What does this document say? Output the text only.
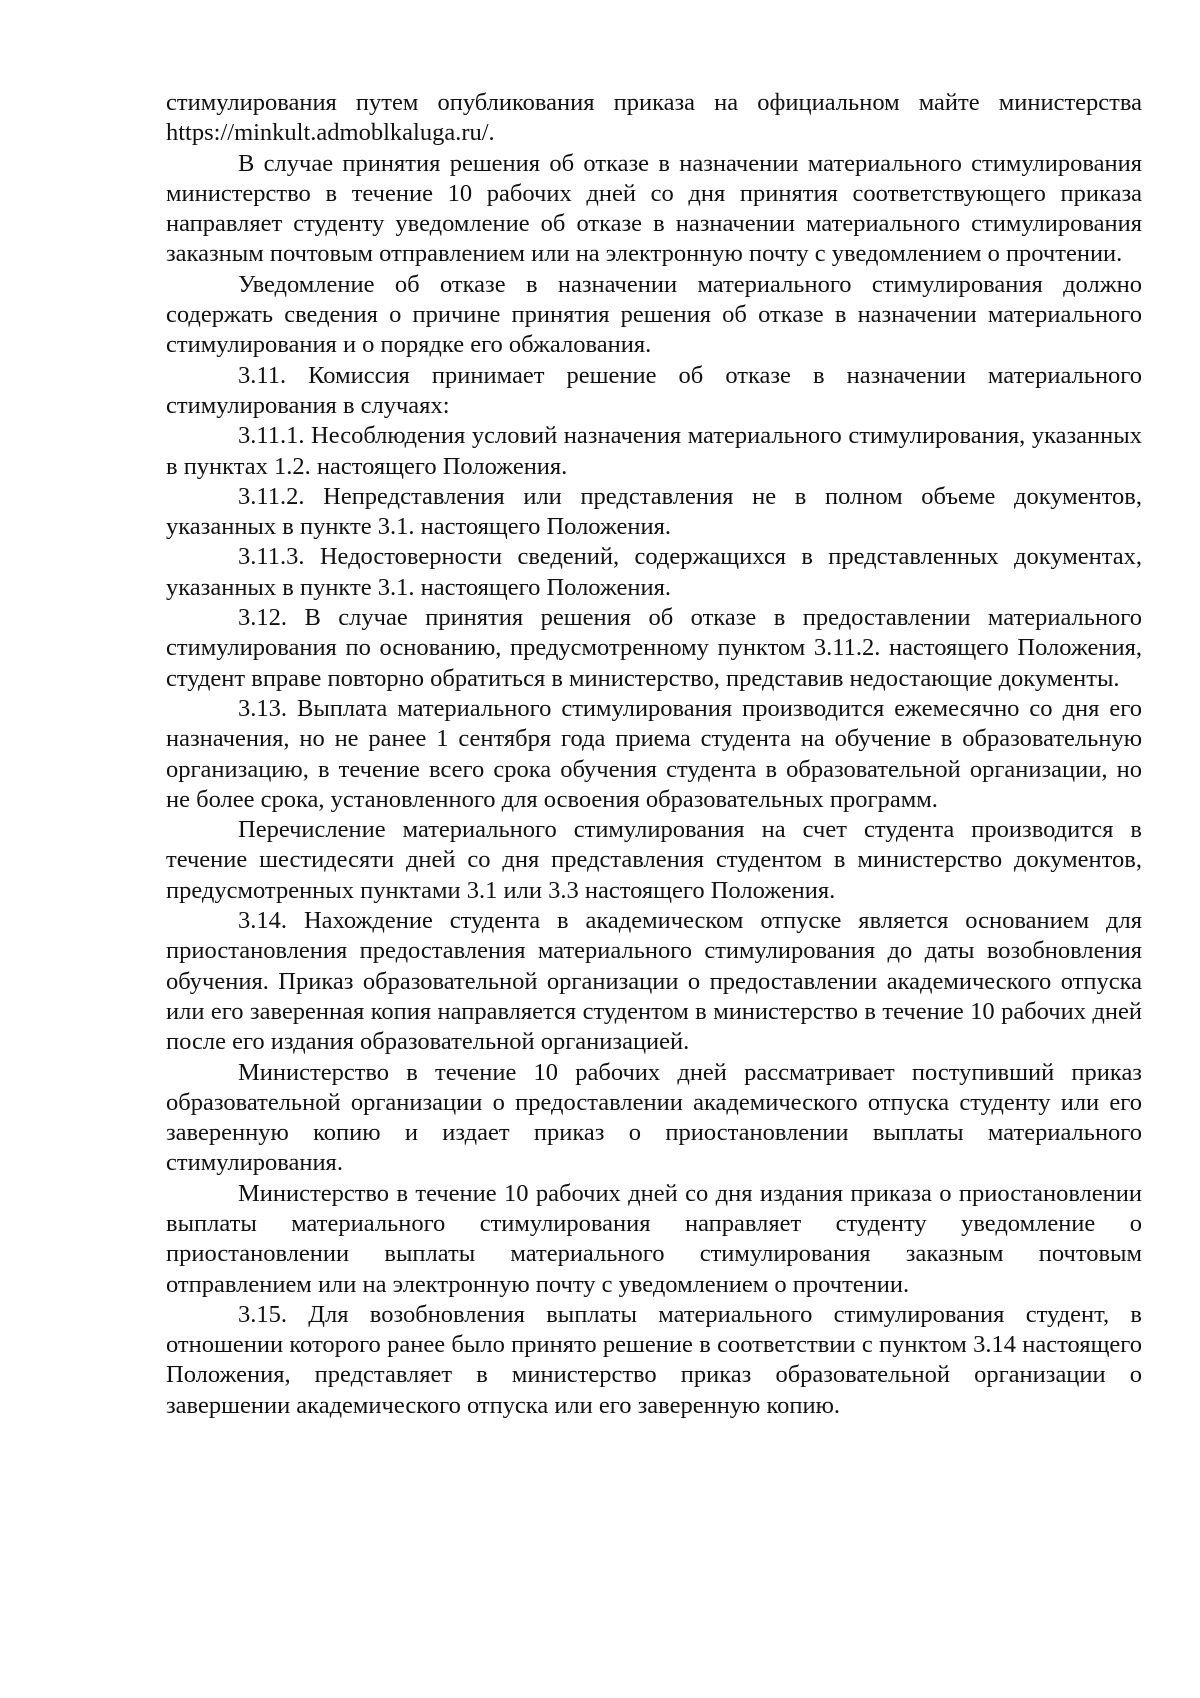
стимулирования путем опубликования приказа на официальном майте министерства https://minkult.admoblkaluga.ru/.

В случае принятия решения об отказе в назначении материального стимулирования министерство в течение 10 рабочих дней со дня принятия соответствующего приказа направляет студенту уведомление об отказе в назначении материального стимулирования заказным почтовым отправлением или на электронную почту с уведомлением о прочтении.

Уведомление об отказе в назначении материального стимулирования должно содержать сведения о причине принятия решения об отказе в назначении материального стимулирования и о порядке его обжалования.

3.11. Комиссия принимает решение об отказе в назначении материального стимулирования в случаях:

3.11.1. Несоблюдения условий назначения материального стимулирования, указанных в пунктах 1.2. настоящего Положения.

3.11.2. Непредставления или представления не в полном объеме документов, указанных в пункте 3.1. настоящего Положения.

3.11.3. Недостоверности сведений, содержащихся в представленных документах, указанных в пункте 3.1. настоящего Положения.

3.12. В случае принятия решения об отказе в предоставлении материального стимулирования по основанию, предусмотренному пунктом 3.11.2. настоящего Положения, студент вправе повторно обратиться в министерство, представив недостающие документы.

3.13. Выплата материального стимулирования производится ежемесячно со дня его назначения, но не ранее 1 сентября года приема студента на обучение в образовательную организацию, в течение всего срока обучения студента в образовательной организации, но не более срока, установленного для освоения образовательных программ.

Перечисление материального стимулирования на счет студента производится в течение шестидесяти дней со дня представления студентом в министерство документов, предусмотренных пунктами 3.1 или 3.3 настоящего Положения.

3.14. Нахождение студента в академическом отпуске является основанием для приостановления предоставления материального стимулирования до даты возобновления обучения. Приказ образовательной организации о предоставлении академического отпуска или его заверенная копия направляется студентом в министерство в течение 10 рабочих дней после его издания образовательной организацией.

Министерство в течение 10 рабочих дней рассматривает поступивший приказ образовательной организации о предоставлении академического отпуска студенту или его заверенную копию и издает приказ о приостановлении выплаты материального стимулирования.

Министерство в течение 10 рабочих дней со дня издания приказа о приостановлении выплаты материального стимулирования направляет студенту уведомление о приостановлении выплаты материального стимулирования заказным почтовым отправлением или на электронную почту с уведомлением о прочтении.

3.15. Для возобновления выплаты материального стимулирования студент, в отношении которого ранее было принято решение в соответствии с пунктом 3.14 настоящего Положения, представляет в министерство приказ образовательной организации о завершении академического отпуска или его заверенную копию.
